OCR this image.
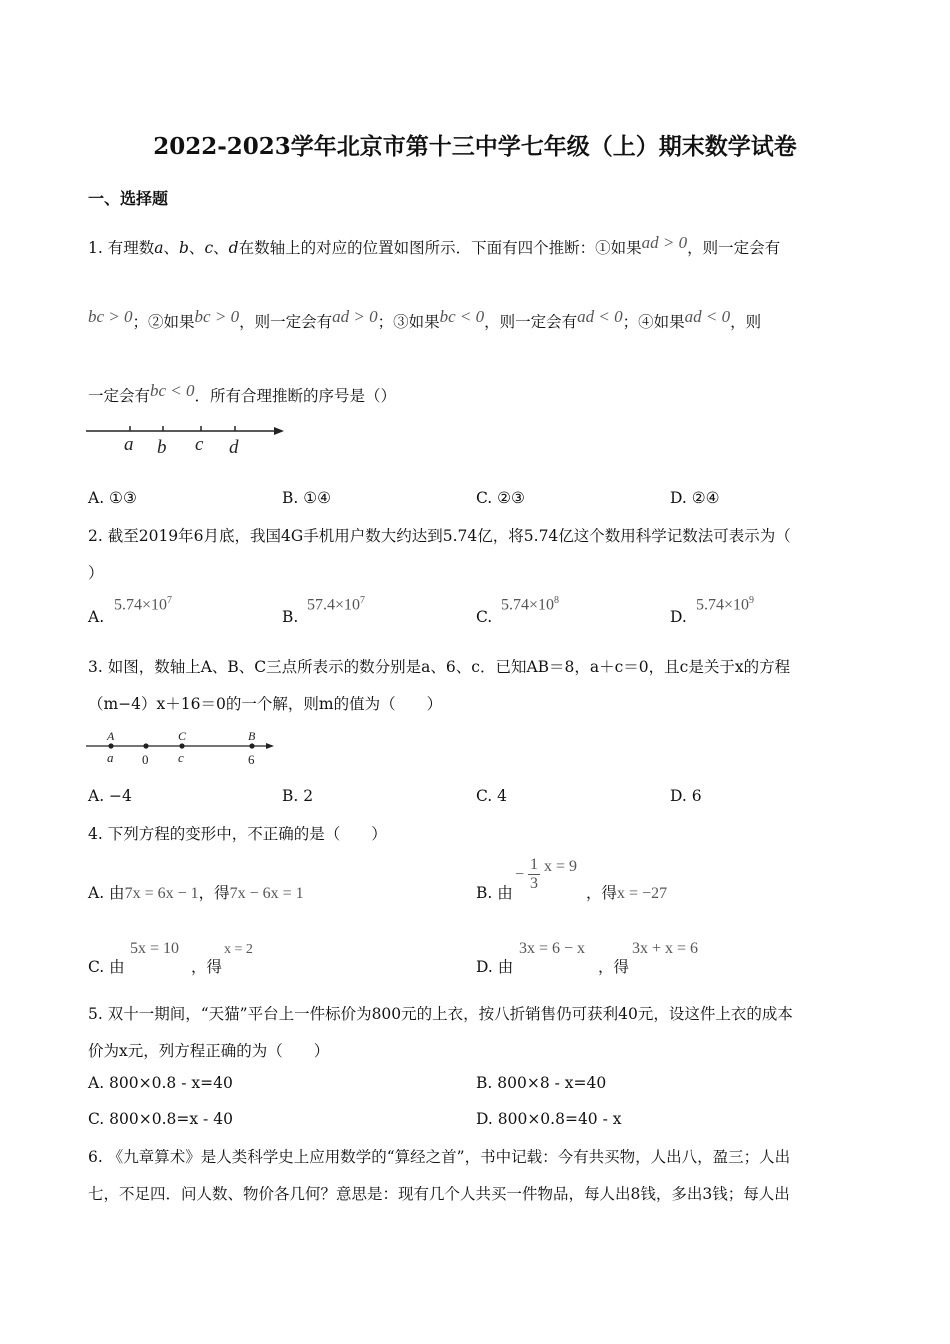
2022-2023学年北京市第十三中学七年级（上）期末数学试卷
一、选择题
1. 有理数a、b、c、d在数轴上的对应的位置如图所示．下面有四个推断：①如果ad > 0，则一定会有
bc > 0；②如果bc > 0，则一定会有ad > 0；③如果bc < 0，则一定会有ad < 0；④如果ad < 0，则
一定会有bc < 0．所有合理推断的序号是（）
a b c d
A. ①③	B. ①④	C. ②③	D. ②④
2. 截至2019年6月底，我国4G手机用户数大约达到5.74亿，将5.74亿这个数用科学记数法可表示为（
）
A.
$5.74\times 10^7$
B.
$57.4\times 10^7$
C.
$5.74\times 10^8$
D.
$5.74\times 10^9$
3. 如图，数轴上A、B、C三点所表示的数分别是a、6、c．已知AB＝8，a＋c＝0，且c是关于x的方程
（m−4）x＋16＝0的一个解，则m的值为（　　）
A	C	B
a 0 c	6
A. −4	B. 2	C. 4	D. 6
4. 下列方程的变形中，不正确的是（　　）
A. 由7x = 6x − 1，得7x − 6x = 1	B. 由
− $\frac{1}{3}$ x = 9
，得x = −27
C. 由
5x = 10
，得
x = 2
D. 由
3x = 6 − x
，得
3x + x = 6
5. 双十一期间，“天猫”平台上一件标价为800元的上衣，按八折销售仍可获利40元，设这件上衣的成本
价为x元，列方程正确的为（　　）
A. 800×0.8 - x=40	B. 800×8 - x=40
C. 800×0.8=x - 40	D. 800×0.8=40 - x
6. 《九章算术》是人类科学史上应用数学的“算经之首”，书中记载：今有共买物，人出八，盈三；人出
七，不足四．问人数、物价各几何？意思是：现有几个人共买一件物品，每人出8钱，多出3钱；每人出
